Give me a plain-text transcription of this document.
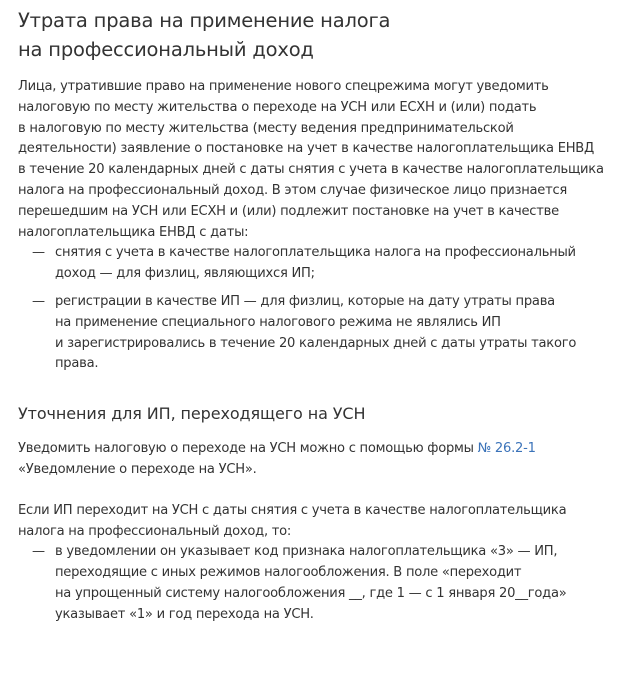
Утрата права на применение налога
на профессиональный доход

Лица, утратившие право на применение нового спецрежима могут уведомить
налоговую по месту жительства о переходе на УСН или ЕСХН и (или) подать
в налоговую по месту жительства (месту ведения предпринимательской
деятельности) заявление о постановке на учет в качестве налогоплательщика ЕНВД
в течение 20 календарных дней с даты снятия с учета в качестве налогоплательщика
налога на профессиональный доход. В этом случае физическое лицо признается
перешедшим на УСН или ЕСХН и (или) подлежит постановке на учет в качестве
налогоплательщика ЕНВД с даты:

— снятия с учета в качестве налогоплательщика налога на профессиональный
доход — для физлиц, являющихся ИП;
— регистрации в качестве ИП — для физлиц, которые на дату утраты права
на применение специального налогового режима не являлись ИП
и зарегистрировались в течение 20 календарных дней с даты утраты такого
права.
Уточнения для ИП, переходящего на УСН

Уведомить налоговую о переходе на УСН можно с помощью формы № 26.2-1
«Уведомление о переходе на УСН».

Если ИП переходит на УСН с даты снятия с учета в качестве налогоплательщика
налога на профессиональный доход, то:

— в уведомлении он указывает код признака налогоплательщика «3» — ИП,
переходящие с иных режимов налогообложения. В поле «переходит
на упрощенный систему налогообложения __, где 1 — с 1 января 20__года»
указывает «1» и год перехода на УСН.
